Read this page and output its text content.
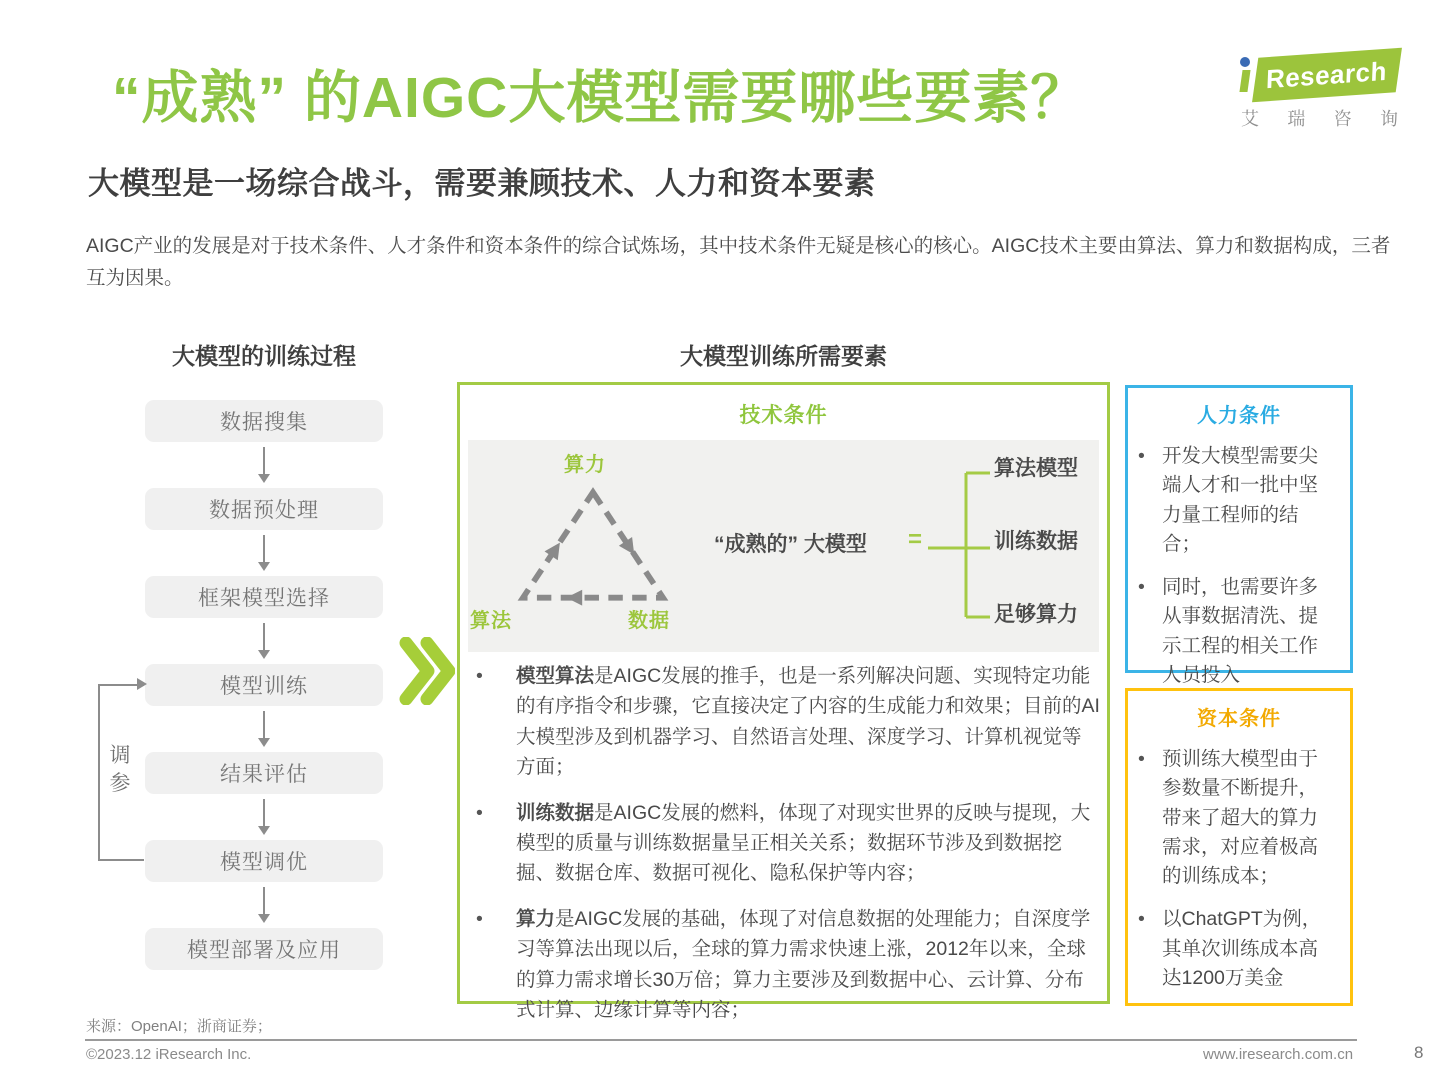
“成熟” 的AIGC大模型需要哪些要素？
大模型是一场综合战斗，需要兼顾技术、人力和资本要素

AIGC产业的发展是对于技术条件、人才条件和资本条件的综合试炼场，其中技术条件无疑是核心的核心。AIGC技术主要由算法、算力和数据构成，三者互为因果。

Research
艾 瑞 咨 询
大模型的训练过程
数据搜集
数据预处理
框架模型选择
模型训练
结果评估
模型调优
模型部署及应用
调参
大模型训练所需要素
技术条件
算力
算法	数据
“成熟的” 大模型 =
算法模型
训练数据
足够算力

• 模型算法是AIGC发展的推手，也是一系列解决问题、实现特定功能的有序指令和步骤，它直接决定了内容的生成能力和效果；目前的AI大模型涉及到机器学习、自然语言处理、深度学习、计算机视觉等方面；

• 训练数据是AIGC发展的燃料，体现了对现实世界的反映与提现，大模型的质量与训练数据量呈正相关关系；数据环节涉及到数据挖掘、数据仓库、数据可视化、隐私保护等内容；

• 算力是AIGC发展的基础，体现了对信息数据的处理能力；自深度学习等算法出现以后，全球的算力需求快速上涨，2012年以来，全球的算力需求增长30万倍；算力主要涉及到数据中心、云计算、分布式计算、边缘计算等内容；

人力条件

• 开发大模型需要尖端人才和一批中坚力量工程师的结合；

• 同时，也需要许多从事数据清洗、提示工程的相关工作人员投入

资本条件

• 预训练大模型由于参数量不断提升，带来了超大的算力需求，对应着极高的训练成本；

• 以ChatGPT为例，其单次训练成本高达1200万美金

来源：OpenAI；浙商证券；
©2023.12 iResearch Inc.	www.iresearch.com.cn	8
